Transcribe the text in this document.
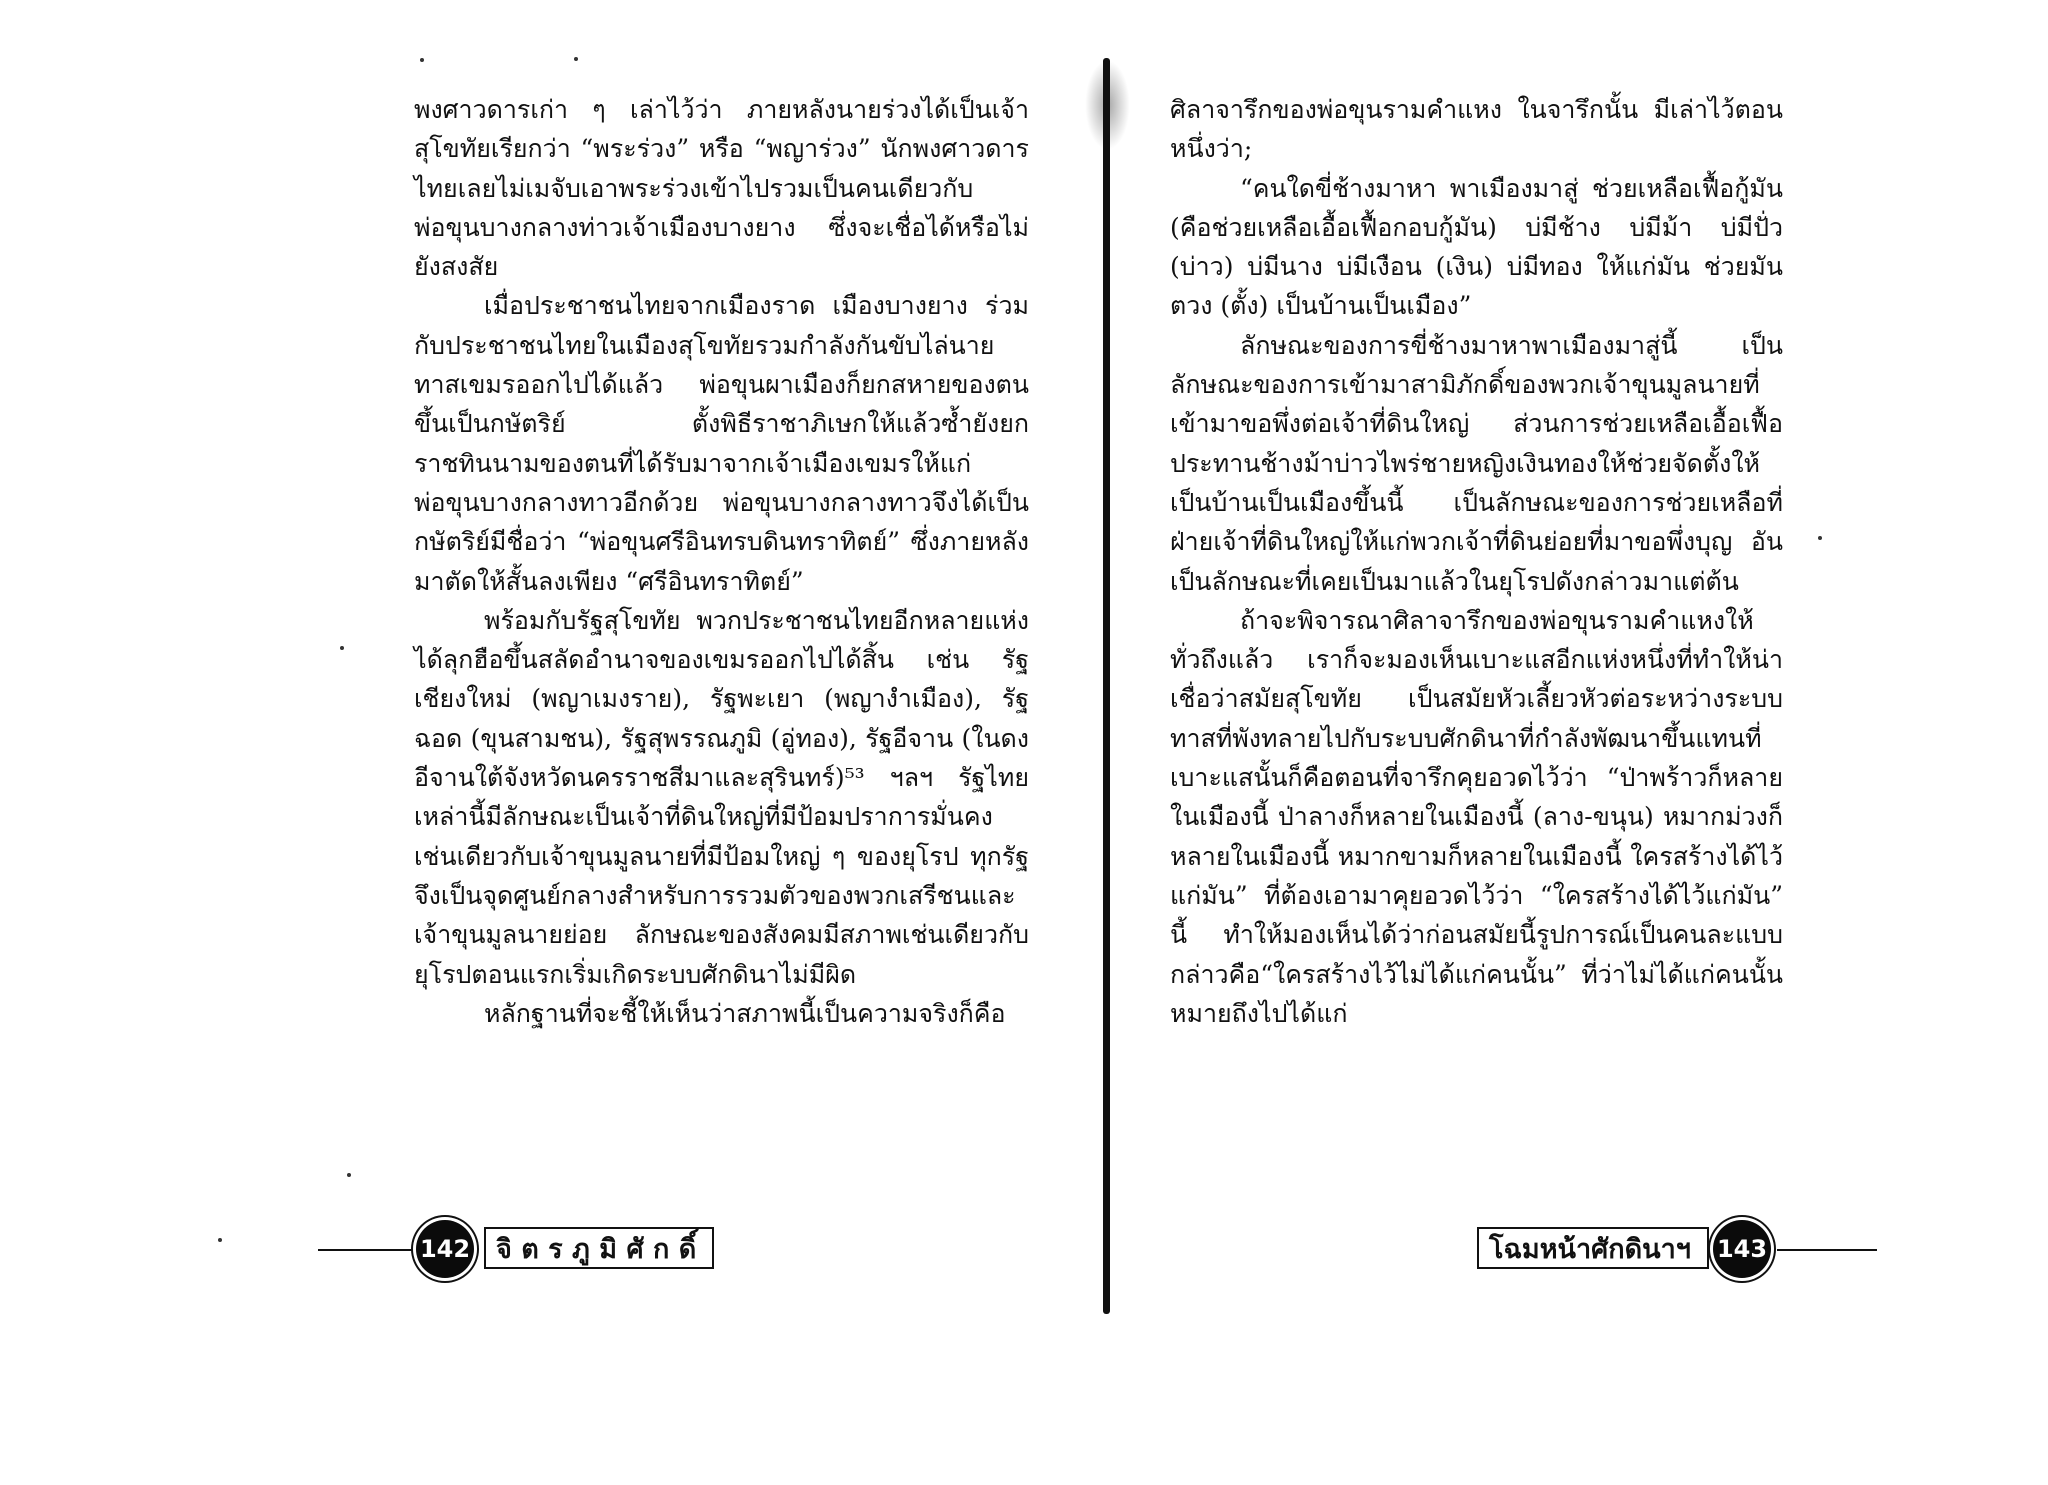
พงศาวดารเก่า ๆ เล่าไว้ว่า ภายหลังนายร่วงได้เป็นเจ้าสุโขทัยเรียกว่า “พระร่วง” หรือ “พญาร่วง” นักพงศาวดารไทยเลยไม่เมจับเอาพระร่วงเข้าไปรวมเป็นคนเดียวกับพ่อขุนบางกลางท่าวเจ้าเมืองบางยาง ซึ่งจะเชื่อได้หรือไม่ยังสงสัย

เมื่อประชาชนไทยจากเมืองราด เมืองบางยาง ร่วมกับประชาชนไทยในเมืองสุโขทัยรวมกำลังกันขับไล่นายทาสเขมรออกไปได้แล้ว พ่อขุนผาเมืองก็ยกสหายของตนขึ้นเป็นกษัตริย์ ตั้งพิธีราชาภิเษกให้แล้วซ้ำยังยกราชทินนามของตนที่ได้รับมาจากเจ้าเมืองเขมรให้แก่พ่อขุนบางกลางทาวอีกด้วย พ่อขุนบางกลางทาวจึงได้เป็นกษัตริย์มีชื่อว่า “พ่อขุนศรีอินทรบดินทราทิตย์” ซึ่งภายหลังมาตัดให้สั้นลงเพียง “ศรีอินทราทิตย์”

พร้อมกับรัฐสุโขทัย พวกประชาชนไทยอีกหลายแห่งได้ลุกฮือขึ้นสลัดอำนาจของเขมรออกไปได้สิ้น เช่น รัฐเชียงใหม่ (พญาเมงราย), รัฐพะเยา (พญางำเมือง), รัฐฉอด (ขุนสามชน), รัฐสุพรรณภูมิ (อู่ทอง), รัฐอีจาน (ในดงอีจานใต้จังหวัดนครราชสีมาและสุรินทร์)⁵³ ฯลฯ รัฐไทยเหล่านี้มีลักษณะเป็นเจ้าที่ดินใหญ่ที่มีป้อมปราการมั่นคง เช่นเดียวกับเจ้าขุนมูลนายที่มีป้อมใหญ่ ๆ ของยุโรป ทุกรัฐจึงเป็นจุดศูนย์กลางสำหรับการรวมตัวของพวกเสรีชนและเจ้าขุนมูลนายย่อย ลักษณะของสังคมมีสภาพเช่นเดียวกับยุโรปตอนแรกเริ่มเกิดระบบศักดินาไม่มีผิด

หลักฐานที่จะชี้ให้เห็นว่าสภาพนี้เป็นความจริงก็คือ

ศิลาจารึกของพ่อขุนรามคำแหง ในจารึกนั้น มีเล่าไว้ตอนหนึ่งว่า;

“คนใดขี่ช้างมาหา พาเมืองมาสู่ ช่วยเหลือเฟื้อกู้มัน (คือช่วยเหลือเอื้อเฟื้อกอบกู้มัน) บ่มีช้าง บ่มีม้า บ่มีปั่ว (บ่าว) บ่มีนาง บ่มีเงือน (เงิน) บ่มีทอง ให้แก่มัน ช่วยมันตวง (ตั้ง) เป็นบ้านเป็นเมือง”

ลักษณะของการขี่ช้างมาหาพาเมืองมาสู่นี้ เป็นลักษณะของการเข้ามาสามิภักดิ์ของพวกเจ้าขุนมูลนายที่เข้ามาขอพึ่งต่อเจ้าที่ดินใหญ่ ส่วนการช่วยเหลือเอื้อเฟื้อประทานช้างม้าบ่าวไพร่ชายหญิงเงินทองให้ช่วยจัดตั้งให้เป็นบ้านเป็นเมืองขึ้นนี้ เป็นลักษณะของการช่วยเหลือที่ฝ่ายเจ้าที่ดินใหญ่ให้แก่พวกเจ้าที่ดินย่อยที่มาขอพึ่งบุญ อันเป็นลักษณะที่เคยเป็นมาแล้วในยุโรปดังกล่าวมาแต่ต้น

ถ้าจะพิจารณาศิลาจารึกของพ่อขุนรามคำแหงให้ทั่วถึงแล้ว เราก็จะมองเห็นเบาะแสอีกแห่งหนึ่งที่ทำให้น่าเชื่อว่าสมัยสุโขทัย เป็นสมัยหัวเลี้ยวหัวต่อระหว่างระบบทาสที่พังทลายไปกับระบบศักดินาที่กำลังพัฒนาขึ้นแทนที่ เบาะแสนั้นก็คือตอนที่จารึกคุยอวดไว้ว่า “ป่าพร้าวก็หลายในเมืองนี้ ป่าลางก็หลายในเมืองนี้ (ลาง-ขนุน) หมากม่วงก็หลายในเมืองนี้ หมากขามก็หลายในเมืองนี้ ใครสร้างได้ไว้แก่มัน” ที่ต้องเอามาคุยอวดไว้ว่า “ใครสร้างได้ไว้แก่มัน” นี้ ทำให้มองเห็นได้ว่าก่อนสมัยนี้รูปการณ์เป็นคนละแบบกล่าวคือ“ใครสร้างไว้ไม่ได้แก่คนนั้น” ที่ว่าไม่ได้แก่คนนั้น หมายถึงไปได้แก่

142 จิ ต ร ภู มิ ศั ก ดิ์	โฉมหน้าศักดินาฯ	143
